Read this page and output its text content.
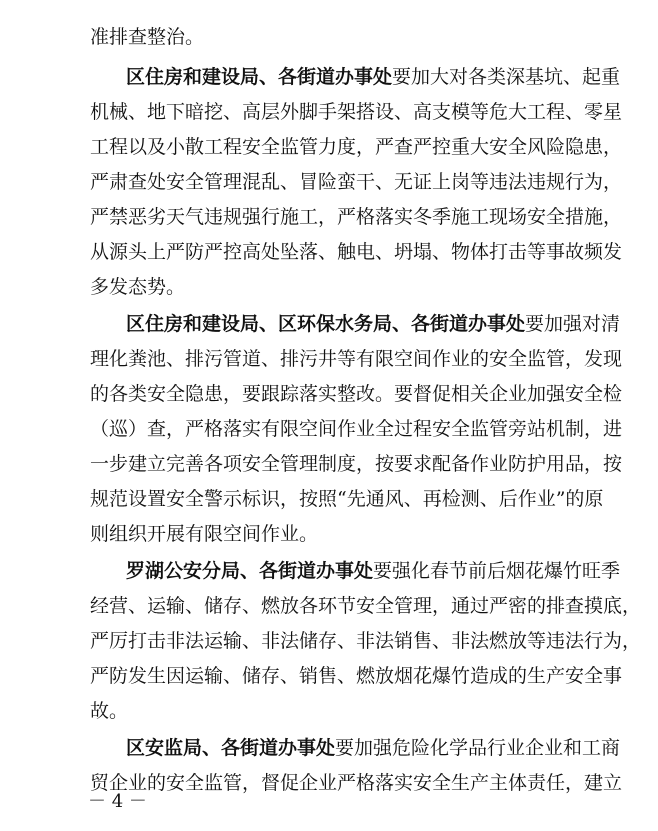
准排查整治。
区住房和建设局、各街道办事处要加大对各类深基坑、起重
机械、地下暗挖、高层外脚手架搭设、高支模等危大工程、零星
工程以及小散工程安全监管力度，严查严控重大安全风险隐患，
严肃查处安全管理混乱、冒险蛮干、无证上岗等违法违规行为，
严禁恶劣天气违规强行施工，严格落实冬季施工现场安全措施，
从源头上严防严控高处坠落、触电、坍塌、物体打击等事故频发
多发态势。
区住房和建设局、区环保水务局、各街道办事处要加强对清
理化粪池、排污管道、排污井等有限空间作业的安全监管，发现
的各类安全隐患，要跟踪落实整改。要督促相关企业加强安全检
（巡）查，严格落实有限空间作业全过程安全监管旁站机制，进
一步建立完善各项安全管理制度，按要求配备作业防护用品，按
规范设置安全警示标识，按照“先通风、再检测、后作业”的原
则组织开展有限空间作业。
罗湖公安分局、各街道办事处要强化春节前后烟花爆竹旺季
经营、运输、储存、燃放各环节安全管理，通过严密的排查摸底，
严厉打击非法运输、非法储存、非法销售、非法燃放等违法行为，
严防发生因运输、储存、销售、燃放烟花爆竹造成的生产安全事
故。
－ 4 －
区安监局、各街道办事处要加强危险化学品行业企业和工商
贸企业的安全监管，督促企业严格落实安全生产主体责任，建立
